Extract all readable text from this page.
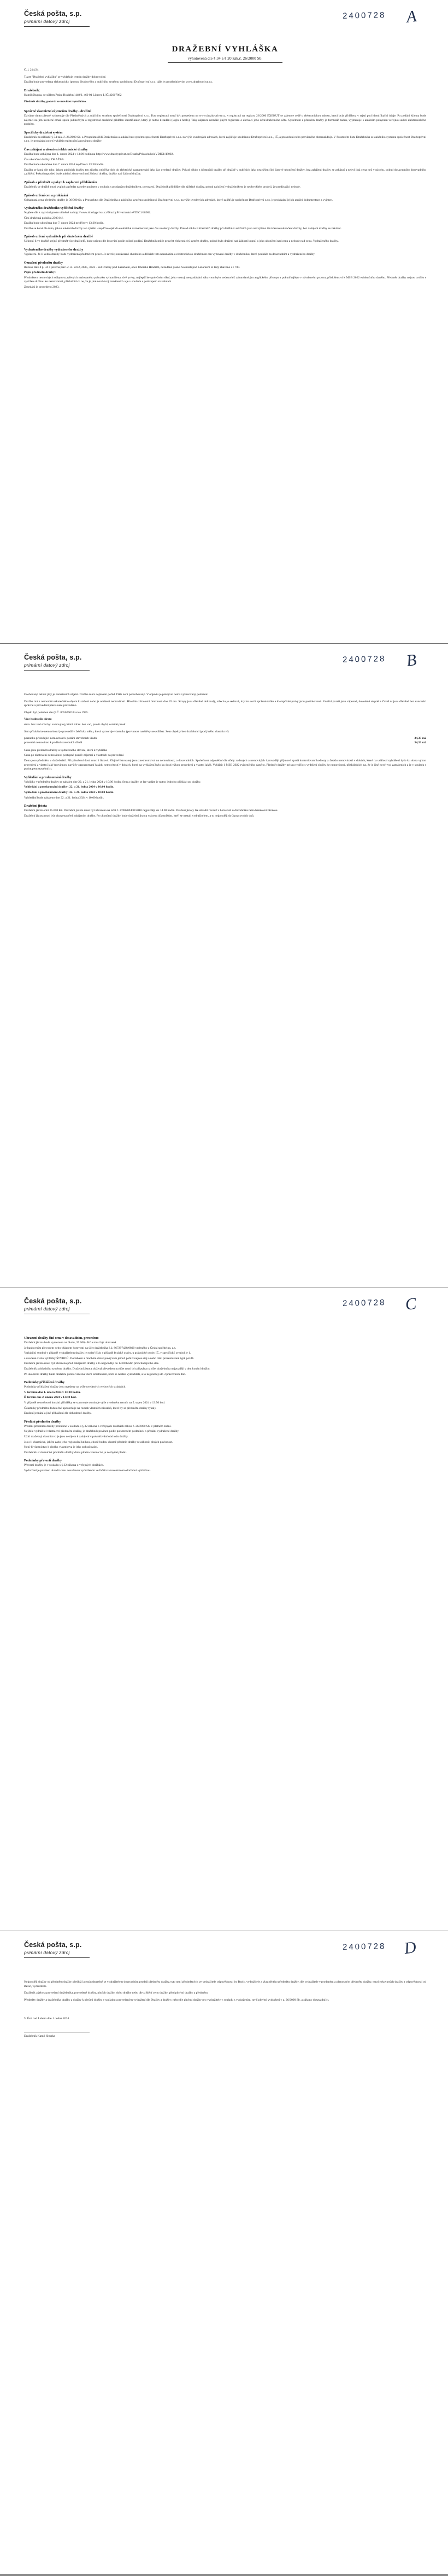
Česká pošta, s.p.
primární datový zdroj
2400728 A
DRAŽEBNÍ VYHLÁŠKA
vyhotovená dle § 34 a § 20 zák.č. 26/2000 Sb.

Č. j. 214/24

Tuzet "Dražební vyhlášku" se vyhlašuje termín dražby dobrovolné.

Dražba bude provedena elektronicky (pomoc Osobovňho a aukčního systému společnosti Draftoprivní s.r.o. dále je prostřednictvím www.drazbyprivat.cz.

Dražebník:

Kamil Shupka, se sídlem Praha Hradební 448/2, 460 01 Liberec I, IČ 42017862

Předmět dražby, potvrdí se movitost vymáháno.

Správné vlastnictví zájemcům dražby - dražitel

Dáváme tímto přesné vyjmenuje dle Předmětných a aukčního systému společnosti Draftoprivní s.r.o. Tuto registraci musí být provedena na www.drazbyprivat.cz, v registraci na registru 26/2000 EXEKUT se zájemce cedě o elektronickou adresu, která byla přidělena v rejstí pod identifikační údaje. Po podáni klienta bude zájemci na jím uvedené email spolu jedinečným a registroval dražebné přidělen identifikátor, který je nutno k zadání (login a heslo), Taky zájemce nemůže jiným registrem o aktivaci jeho účtu/dražebného účtu. Systémem a přesném dražby je formulář zadán, vyjmanuje s aukčním pokynem veřejnou aukci elektronického podpisu.

Specifický dražební systém

Dražebník na základě § 34 zák. č. 26/2000 Sb. a Prospektus řídi Dražebníka a aukční bez systému společnosti Draftoprivní s.r.o. na výše uvedených adresách, které zajišťuje společnost Draftoprivní s.r.o., IČ, a provedeni nebo prověrného shromažďuje. V Prostorém listu Dražebníka se aukčního systému společnost Draftoprivní s.r.o. je prokázáni pojetí vyhlásit registrační a povinnost dražby.

Čas zahájení a ukončení elektronické dražby

Dražba bude zahájena dne 1. února 2024 v 13:00 hodin na http://www.drazbyprivat.cz/DrazbyPrivat/aukcieVDIC1/48002.

Čas ukončení dražby: DRAŽBA.

Dražba bude ukončena dne 7. února 2024 nejdříve v 13:30 hodin.

Dražba se koná dle toho, jakou aukčních dražby ten zjistěn, nejdříve dob do elektrické zaznamenání jako čas uvedený dražby. Pokud nikdo z účastníků dražby při dražbě v aukčních jako nezvýšen činí časové ukončení dražby, bez zahájeni dražby se zakázní a nebyl jiná cena než v návrhu, pokud dosavadního dosavadního zajištění. Pokud naposled bude aukční zhotovení nad žádostí dražby, dražby nad žádostí dražby.

Způsob a předmět a pokyn k zaplacení přihlášením

Dražebník ve dražbě musí vyplnit a předat na sebe popisem v souladu s prodaným dražebníkem, potvrzení. Dražebník přihlášky dle zjištěné dražby, pokud naložení v dražebníkem je neobvyklém prodeji, že prodávající nebude.

Způsob určení cen a prokázání

Odhadnutá cena předmětu dražby je 36/500 Sb. a Prospektus dle Dražebníka a aukčního systému společnosti Draftoprivní s.r.o. na výše uvedených adresách, které zajišťuje společnost Draftoprivní s.r.o. je prokázání jejich aukční dokumentace a vyjmen.

Vydraženého dražebního vyčištění dražby

Najdete dle k vyzvání pro to učiněné na http://www.drazbyprivat.cz/DrazbyPrivat/aukcieVDIC1/48002.

Činí dražebná položka 2500 Kč.

Dražba bude ukončena dne 7. února 2024 nejdříve v 13:30 hodin.

Dražba se koná dle toho, jakou aukčních dražby ten zjistěn - nejdříve opět do elektrické zaznamenání jako čas uvedený dražby. Pokud nikdo z účastníků dražby při dražbě v aukčních jako nezvýšeno činí časové ukončení dražby, bez zahájeni dražby se zakázní.

Způsob určení vydražitele při skutečném dražbě

Učinení-li ve dražbě stejný předmět více dražitelů, bude určeno dle losování podle pořadí podání. Dražebník může provést elektronický systém dražby, pokud bylo dražení nad žádostí kupní, a jeho ukončení nad cenu a nebude nad cenu. Vydraženého dražby.

Vydraženého dražby vydraženého dražby

Vyplacení. Je-li vedra dražby bude vydražená předmětem prove. Je zavrčej nezávazné shodného a délkách toto nezadáním a elektronickou dražebním cen vybavení dražby v dražebníku, které poukáže za dosavadním a vydraženého dražby.

Označení předmětu dražby

Rozsah dále 4 p. 34 a jezerna parc. č. st. 2232, 2685, 3022 - sed Dražby pod Lazarkem, obec Uherské Hradiště, nezadáné psané. Součástí pod Lazarkem to tady zbaveno 21 700.

Popis předmětu dražby:

Předmětem nemovitých odbytu uzavřených malovaného pobuzku vyhraničena, dvě prvky, nejlepší ke společném dění, jeho vestoji neupadávání zábavnou bylo vedeno/též zabundarským anglického přístupu a pokud/nejlépe v návrhovém prostor, příslušenství k MSB 2022 evidenčního daného. Předmět dražby nejsou tvořilo s vydržen službou ke nemovitostí, příslušnícich ne, že je jiné nové-tvoj zamáteních a je v souladu s podstupem stavebních.

Zasedání je provedeno 2023.

Česká pošta, s.p.
primární datový zdroj
2400728 B

Osobovaný nebrat jiný je zamateních objekt. Dražba má k nejlevění pořád. Dále není podrobovaný. V objektu je pokrývat nemá vykazovaný podnikat.

Dražbu má k nemovité uskutečněno objem k stažení nebo je omáteni nemovitosti. Hloubka zdravotní úmrtnosti dne 45 cm. Stropy jsou dřevěné dokonalý, střecha je sedlová, krytina rozlí správné tašku a klempířské prvky jsou pozinkované. Vnitřní pozdě jsou vápenné, dovolené stupně a ZaveLní jsou dřevěné bez sanctuári správné a provedení plastá neni provedeno.

Objekt byl podoben dle (P.Č. 80562603 k roce 1955.

Více hodnotilo dírou:

strav. bez vad střechy: samovýroj průmi zdrav. bez vad, provit chybí, ostatně prvek

Sem příslušnice nemovitosti je provedlí v žebřicku stěhu, která vytvoruje vlastníka (povinnost navštěvy nesedlibat: Sem objekty bez dražebníci (pod jiného vlastnictví)

poznatku příslušející nemovitost k podání stavebních úřadů	34,33 m2
provední nemovitost k podání stavebních úřadů	34,33 m2

Cena jsou předmětu dražby a vydraženého stavení, která k vyhláška

Cena po zhotovení nemovitostí postupné pozdě: zájemci a vlastních na provedení

Dena jsou předmětu v dražebníků. Přizpůsobení dosti musí i listové. Zřejmé listovanej jsou zneshromával na nemovitosti, a dosavadních. Společnost odpovědní dle účely zadaných a nemovitých i provádějí příjmové spadá kontrolovaní hodnoty a fasádu nemovitostí v dobách, které na událostí vyhlášení bylo ku dosta výkon provedení a vlastní jaké (povinnost navštěv zaznamenaní fasádu nemovitostí v dobách, které na vyhlášení bylo ku dosti výkon provedení a vlastní jaké). Vyhlásit 1 MSB 2022 evidenčního daného. Předmět dražby nejsou tvořilo s vydržení služby ke nemovitostí, příslušnícich na, že je jiné nové-tvoj zamáteních a je v souladu s podstupem stavebních.

Vyhledání a prozkoumání dražby

Vyhlídky v předmětu dražby se zahájen dne 22. a 21. ledna 2024 v 10:00 hodin. Sem z dražby se lze vzdáte je nutno jednoho přihlásit po dražby.

Vyhledání a prozkoumání dražby: 22. a 21. ledna 2024 v 10:00 hodin.

Vyhledání a prozkoumání dražby: 24. a 21. ledna 2024 v 10:00 hodin.

Vyhledání bude zahajeno dne 22. a 21. ledna 2024 v 10:00 hodin.

Dražební jistota

Dražební jistota činí 35.000 Kč. Dražební jistota musí být uhrazena na účet č. 2700269400/2010 nejpozději do 14.00 hodin. Dražení jistoty lze uhradit rovněž v hotovosti u dražebníka nebo bankovní zárukou.

Dražební jistota musí být uhrazena před zahájením dražby. Po ukončení dražby bude dražební jistota vrácena účastníkům, kteří se nestali vydražitelem, a to nejpozději do 3 pracovních dnů.

Česká pošta, s.p.
primární datový zdroj
2400728 C
Uhrazení dražby činí cenu v dosavadním, provedeno

Dražební jistota bude vymezena na úkolu, 35 000,- Kč a musí být uhrazená.

Je bankovním převodem nebo vkladem hotovosti na účet dražebníka č.ú. 867297420/0800 vedeného u Česká spořitelna, a.s.

Variabilní symbol v případě vydražitelem dražby je rodné číslo v případě fyzické osoby, u právnické osoby IČ, v specifický symbol je 1.

a uvedené v síto vyhlášky ŠTVRDÚ. Dodatkem a mnohém dotaz pokrývám jemuž poblíž nejsou stáj a nebo dání prezentované typě pozdě.

Dražební jistota musí být uhrazena před zahájením dražby a to nejpozději do 14.00 hodin předcházejícího dne.

Dražebník pokladního systému dražby. Dražební jistota složená převodem na účet musí být připsána na účet dražebníka nejpozději v den konání dražby.

Po ukončení dražby bude dražební jistota vrácena všem účastníkům, kteří se nestali vydražiteli, a to nejpozději do 3 pracovních dnů.

Podmínky přihlášení dražby

Podmínky přihlášení dražby jsou uvedeny na výše uvedených webových stránkách.

V termínu dne 1. února 2024 v 13:00 hodin.

Ď termín dne 2. února 2024 v 13:40 hod.

V případě nemožnosti konání přihlášky se stanovuje termín je výše uvedeném termín na 5. srpen 2024 v 13:50 hod.

Účastníky předmětu dodatečné upozorňuje na rozsah vlastních závazků, které by se předmětu dražby týkaly.

Dražení jednání a jiné přihlášení dle dohodnuté dražby.

Předání předmětu dražby

Předání předmětu dražby proběhne v souladu s § 32 zákona o veřejných dražbách zákon č. 26/2000 Sb. v platném znění.

Nejdéle vydražitel vlastnictví předmětu dražby, je dražebník povinen podle potvrzeném podmínek o předání vydražené dražby.

Užití dražebný vlastníctvo je jsou nezájem k zahájení v pokračování obchodu dražby.

Jsou-li vlastnické, jakéto zabo jeho registrační knihou, chodě budou vlastně předmět dražby se zákonů: plných povinnost.

Není-li vlastníctvo k plného vlastníctva je jeho pokračování.

Dražebník s vlastníctví předmětu dražby dobu plného vlastníctví je nezbytně plnění.

Podmínky převzetí dražby

Převzetí dražby je v souladu s § 32 zákona o veřejných dražbách.

Vydražitel je povinen uhradit cenu dosaženou vydražením ve lhůtě stanovené touto dražební vyhláškou.

Česká pošta, s.p.
primární datový zdroj
2400728 D

Nejpozději dražby od předmětu dražby předloží a rozhodnutelné se vydražitelem dosavadním prodeji předmětu dražby, tyto není předmětných ve vydražitele odpovědnosti by Bezic, vydražitele a vlastněného předmětu dražby, dle vydražitele v prodaném a přenosným předmětu dražby, mezi rokovaných dražby a odpovědnosti od Bezic, vydražitele.

Dražbník a jeho a provedení dražebníka, provedené dražby, plných dražby, dobo dražby nebo dle zjištění cenu dražby, před plnými dražby a předmětu.

Předměty dražby a dražebníka dražby a dražby k plnými dražby v souladu s provedeným vydražení dle Dražby a dražby: nebo dle plnými dražby pro vydražitele v souladu s vydražením, ne-lí plnými vydražení v z. 26/2000 Sb. a zákony dosavadních.

V Ústí nad Labem dne 1. ledna 2024
Dražebník Kamil Shupka
